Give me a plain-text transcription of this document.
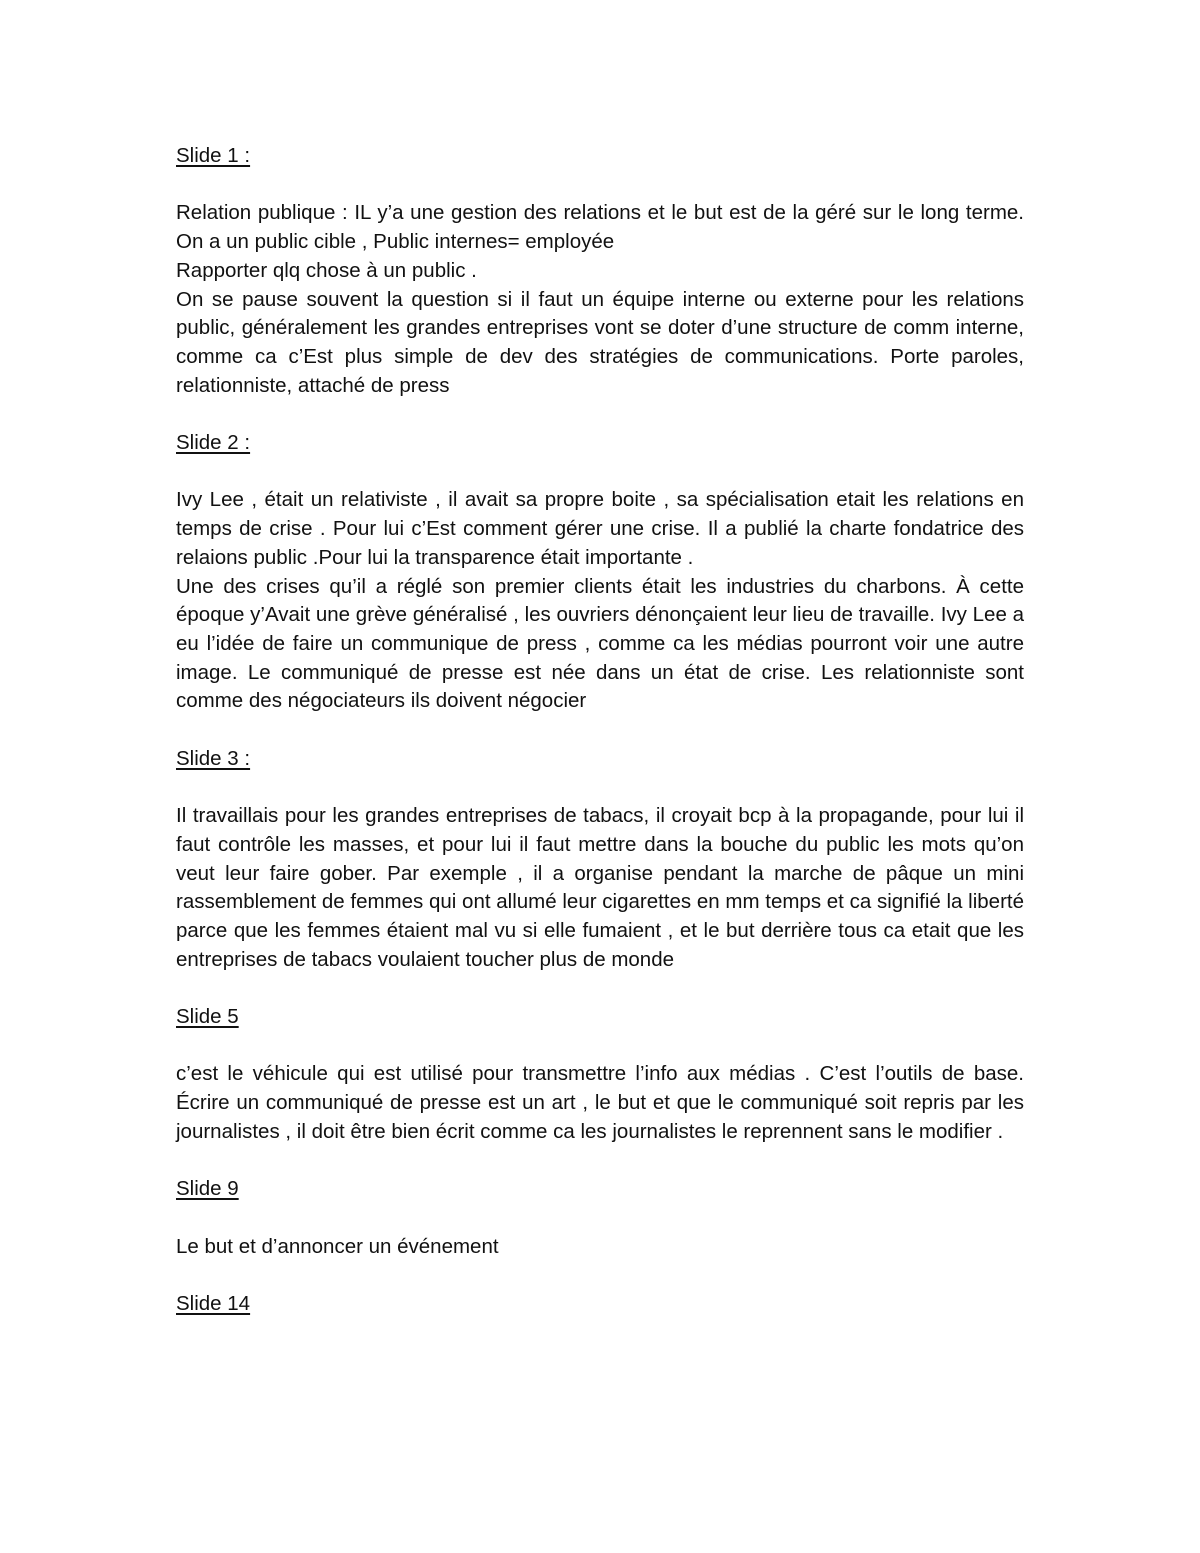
Slide 1 :

Relation publique : IL y’a une gestion des relations et le but est de la géré sur le long terme. On a un public cible , Public internes= employée

Rapporter qlq chose à un public .

On se pause souvent la question si il faut un équipe interne ou externe pour les relations public, généralement les grandes entreprises vont se doter d’une structure de comm interne, comme ca c’Est plus simple de dev des stratégies de communications. Porte paroles, relationniste, attaché de press

Slide 2 :

Ivy Lee , était un relativiste , il avait sa propre boite , sa spécialisation etait les relations en temps de crise . Pour lui c’Est comment gérer une crise. Il a publié la charte fondatrice des relaions public .Pour lui la transparence était importante .

Une des crises qu’il a réglé son premier clients était les industries du charbons. À cette époque y’Avait une grève généralisé , les ouvriers dénonçaient leur lieu de travaille. Ivy Lee a eu l’idée de faire un communique de press , comme ca les médias pourront voir une autre image. Le communiqué de presse est née dans un état de crise. Les relationniste sont comme des négociateurs ils doivent négocier

Slide 3 :

Il travaillais pour les grandes entreprises de tabacs, il croyait bcp à la propagande, pour lui il faut contrôle les masses, et pour lui il faut mettre dans la bouche du public les mots qu’on veut leur faire gober. Par exemple , il a organise pendant la marche de pâque un mini rassemblement de femmes qui ont allumé leur cigarettes en mm temps et ca signifié la liberté parce que les femmes étaient mal vu si elle fumaient , et le but derrière tous ca etait que les entreprises de tabacs voulaient toucher plus de monde

Slide 5

c’est le véhicule qui est utilisé pour transmettre l’info aux médias . C’est l’outils de base. Écrire un communiqué de presse est un art , le but et que le communiqué soit repris par les journalistes , il doit être bien écrit comme ca les journalistes le reprennent sans le modifier .

Slide 9

Le but et d’annoncer un événement

Slide 14
